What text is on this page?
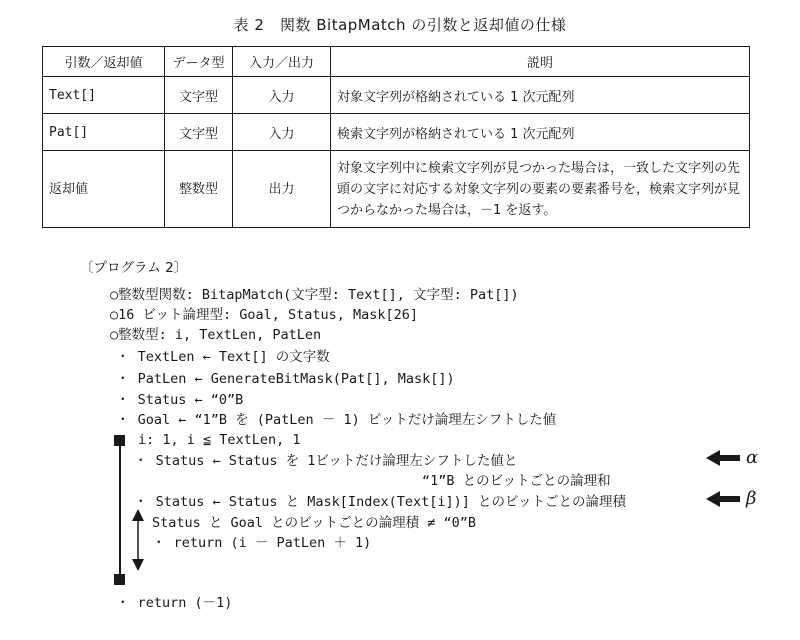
表 2　関数 BitapMatch の引数と返却値の仕様
引数／返却値	データ型	入力／出力	説明
Text[]	文字型	入力	対象文字列が格納されている 1 次元配列
Pat[]	文字型	入力	検索文字列が格納されている 1 次元配列
返却値	整数型	出力	対象文字列中に検索文字列が見つかった場合は，一致した文字列の先頭の文字に対応する対象文字列の要素の要素番号を，検索文字列が見つからなかった場合は，－1 を返す。
〔プログラム 2〕
○整数型関数: BitapMatch(文字型: Text[], 文字型: Pat[])
○16 ビット論理型: Goal, Status, Mask[26]
○整数型: i, TextLen, PatLen
・ TextLen ← Text[] の文字数
・ PatLen ← GenerateBitMask(Pat[], Mask[])
・ Status ← “0”B
・ Goal ← “1”B を (PatLen － 1) ビットだけ論理左シフトした値
i: 1, i ≦ TextLen, 1
・ Status ← Status を 1ビットだけ論理左シフトした値と
“1”B とのビットごとの論理和
・ Status ← Status と Mask[Index(Text[i])] とのビットごとの論理積
Status と Goal とのビットごとの論理積 ≠ “0”B
・ return (i － PatLen ＋ 1)
・ return (－1)
α
β
